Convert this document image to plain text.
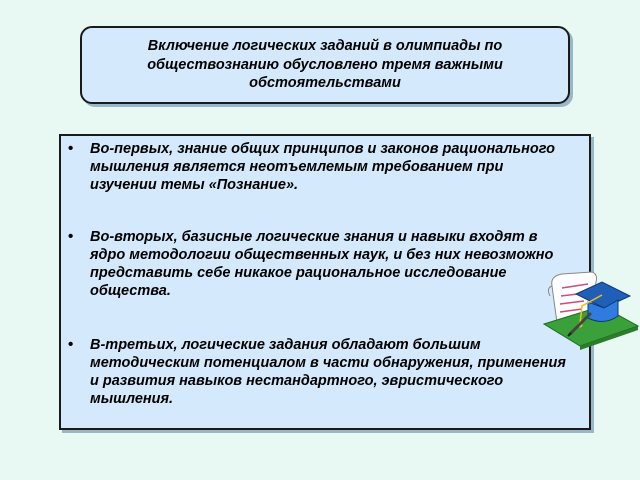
Включение логических заданий в олимпиады по обществознанию обусловлено тремя важными обстоятельствами
• Во-первых, знание общих принципов и законов рационального мышления является неотъемлемым требованием при изучении темы «Познание».
• Во-вторых, базисные логические знания и навыки входят в ядро методологии общественных наук, и без них невозможно представить себе никакое рациональное исследование общества.
• В-третьих, логические задания обладают большим методическим потенциалом в части обнаружения, применения и развития навыков нестандартного, эвристического мышления.
